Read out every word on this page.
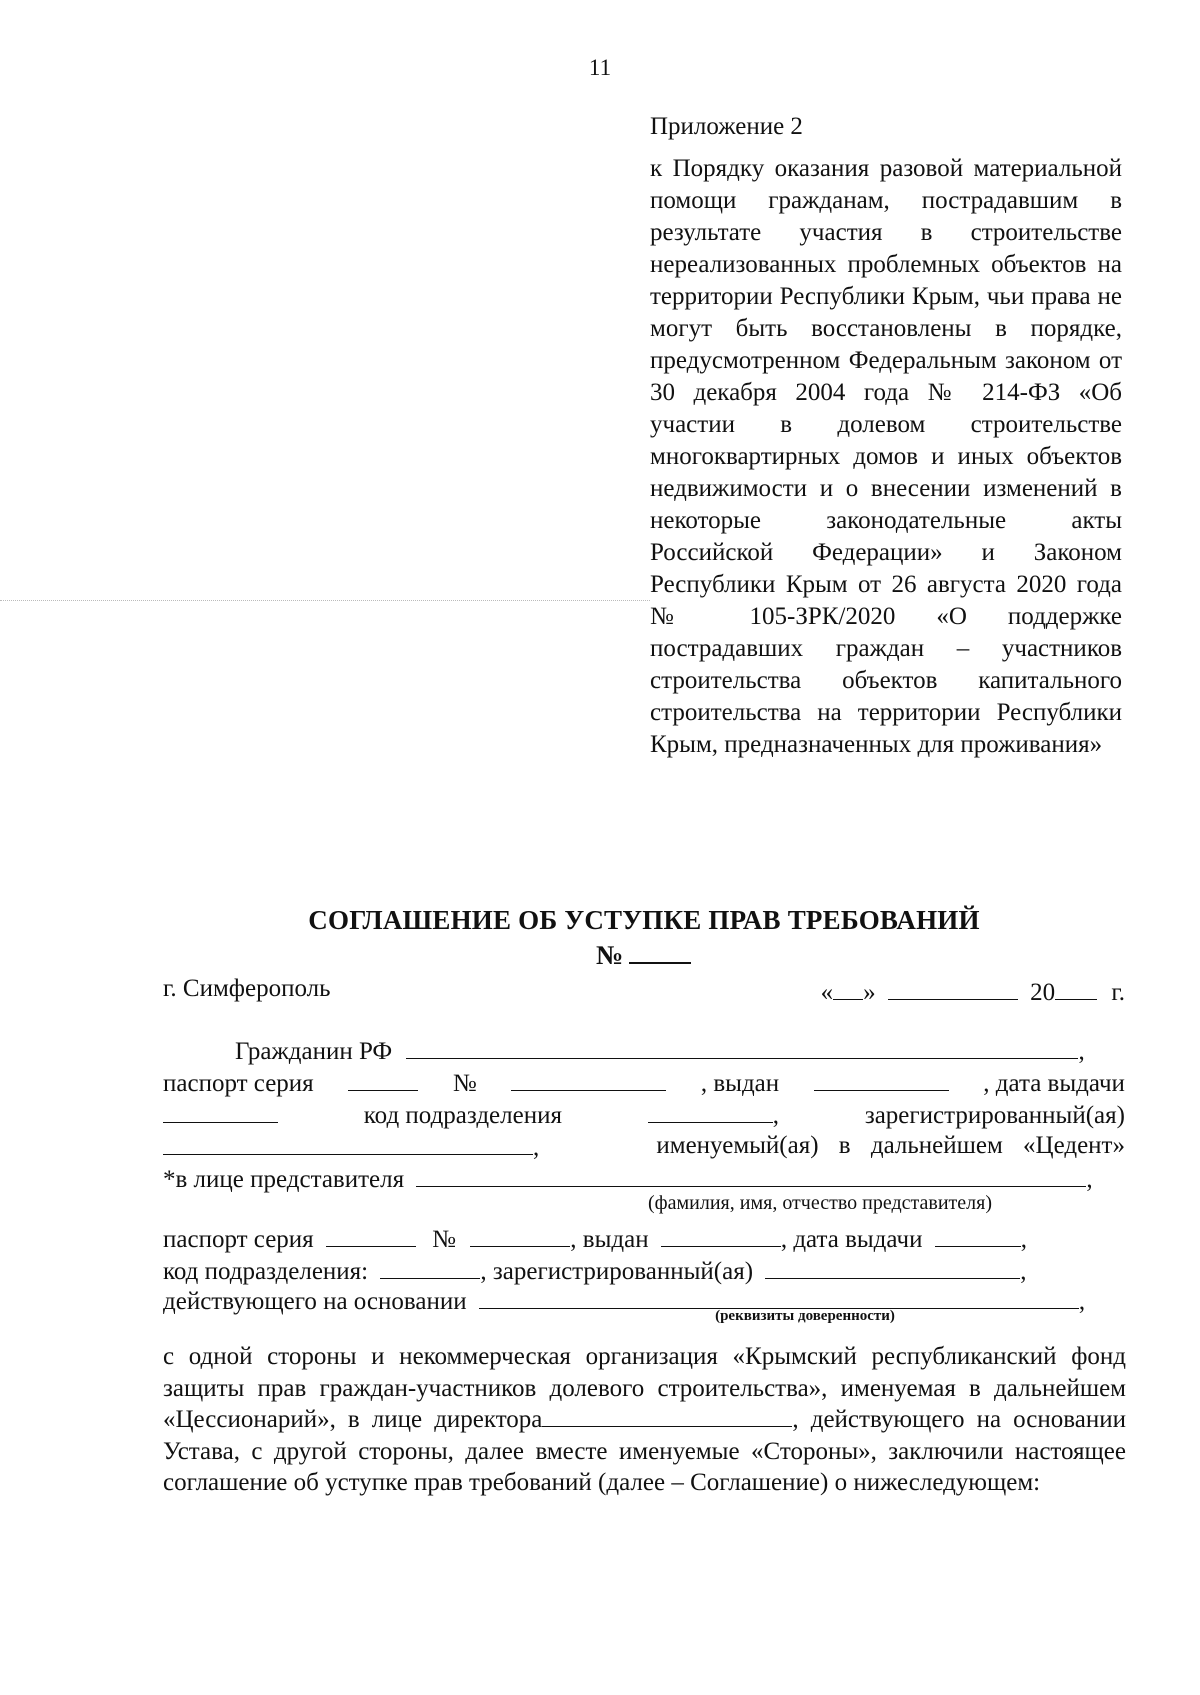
11
Приложение 2
к Порядку оказания разовой материальной помощи гражданам, пострадавшим в результате участия в строительстве нереализованных проблемных объектов на территории Республики Крым, чьи права не могут быть восстановлены в порядке, предусмотренном Федеральным законом от 30 декабря 2004 года № 214-ФЗ «Об участии в долевом строительстве многоквартирных домов и иных объектов недвижимости и о внесении изменений в некоторые законодательные акты Российской Федерации» и Законом Республики Крым от 26 августа 2020 года № 105-ЗРК/2020 «О поддержке пострадавших граждан – участников строительства объектов капитального строительства на территории Республики Крым, предназначенных для проживания»
СОГЛАШЕНИЕ ОБ УСТУПКЕ ПРАВ ТРЕБОВАНИЙ
№
г. Симферополь	« »	20 г.
Гражданин РФ	,
паспорт серия	№	, выдан	, дата выдачи
код подразделения	,	зарегистрированный(ая)
,	именуемый(ая) в дальнейшем «Цедент»
*в лице представителя	,
(фамилия, имя, отчество представителя)
паспорт серия	№	, выдан	, дата выдачи	,
код подразделения:	, зарегистрированный(ая)	,
действующего на основании	,
(реквизиты доверенности)
с одной стороны и некоммерческая организация «Крымский республиканский фонд защиты прав граждан-участников долевого строительства», именуемая в дальнейшем «Цессионарий», в лице директора	, действующего на основании Устава, с другой стороны, далее вместе именуемые «Стороны», заключили настоящее соглашение об уступке прав требований (далее – Соглашение) о нижеследующем:
